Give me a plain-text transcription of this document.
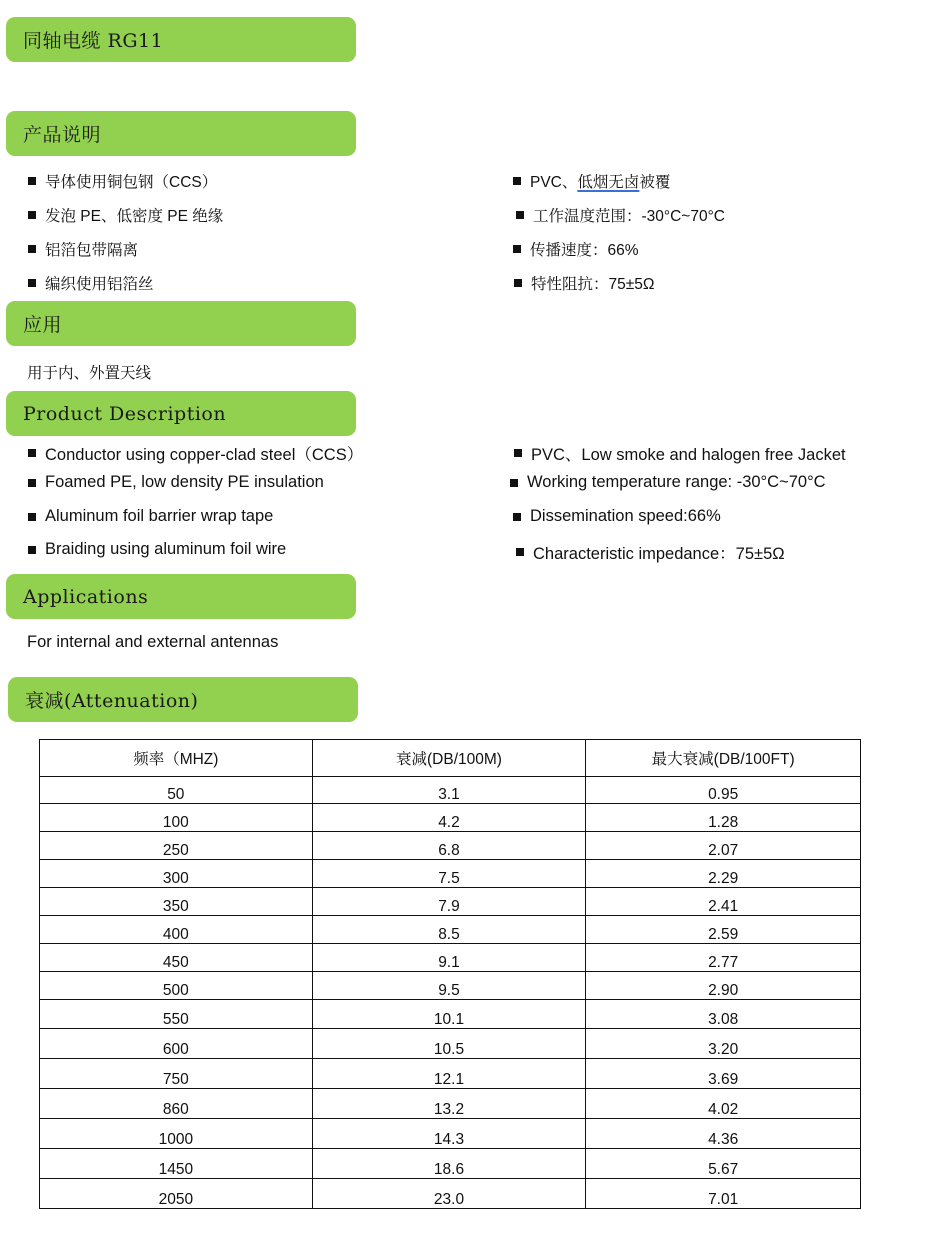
同轴电缆 RG11
产品说明
导体使用铜包钢（CCS）
发泡 PE、低密度 PE 绝缘
铝箔包带隔离
编织使用铝箔丝
PVC、 低烟无卤 被覆
工作温度范围：-30°C~70°C
传播速度：66%
特性阻抗：75±5Ω
应用
用于内、外置天线
Product Description
Conductor using copper-clad steel（CCS）
Foamed PE, low density PE insulation
Aluminum foil barrier wrap tape
Braiding using aluminum foil wire
PVC、Low smoke and halogen free Jacket
Working temperature range: -30°C~70°C
Dissemination speed:66%
Characteristic impedance：75±5Ω
Applications
For internal and external antennas
衰减(Attenuation)
频率（MHZ)	衰减(DB/100M)	最大衰减(DB/100FT)
50	3.1	0.95
100	4.2	1.28
250	6.8	2.07
300	7.5	2.29
350	7.9	2.41
400	8.5	2.59
450	9.1	2.77
500	9.5	2.90
550	10.1	3.08
600	10.5	3.20
750	12.1	3.69
860	13.2	4.02
1000	14.3	4.36
1450	18.6	5.67
2050	23.0	7.01
